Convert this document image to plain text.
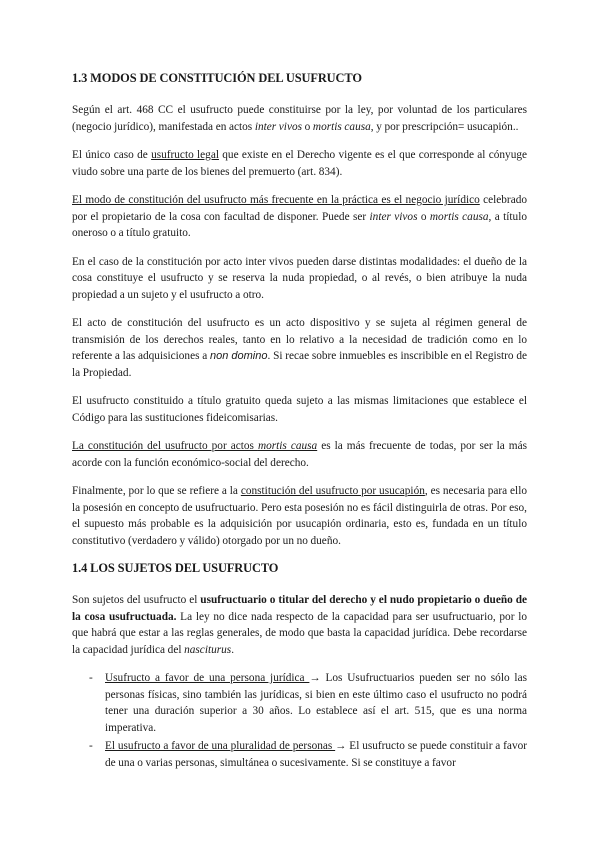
1.3 MODOS DE CONSTITUCIÓN DEL USUFRUCTO

Según el art. 468 CC el usufructo puede constituirse por la ley, por voluntad de los particulares (negocio jurídico), manifestada en actos inter vivos o mortis causa, y por prescripción= usucapión..

El único caso de usufructo legal que existe en el Derecho vigente es el que corresponde al cónyuge viudo sobre una parte de los bienes del premuerto (art. 834).

El modo de constitución del usufructo más frecuente en la práctica es el negocio jurídico celebrado por el propietario de la cosa con facultad de disponer. Puede ser inter vivos o mortis causa, a título oneroso o a título gratuito.

En el caso de la constitución por acto inter vivos pueden darse distintas modalidades: el dueño de la cosa constituye el usufructo y se reserva la nuda propiedad, o al revés, o bien atribuye la nuda propiedad a un sujeto y el usufructo a otro.

El acto de constitución del usufructo es un acto dispositivo y se sujeta al régimen general de transmisión de los derechos reales, tanto en lo relativo a la necesidad de tradición como en lo referente a las adquisiciones a non domino. Si recae sobre inmuebles es inscribible en el Registro de la Propiedad.

El usufructo constituido a título gratuito queda sujeto a las mismas limitaciones que establece el Código para las sustituciones fideicomisarias.

La constitución del usufructo por actos mortis causa es la más frecuente de todas, por ser la más acorde con la función económico-social del derecho.

Finalmente, por lo que se refiere a la constitución del usufructo por usucapión, es necesaria para ello la posesión en concepto de usufructuario. Pero esta posesión no es fácil distinguirla de otras. Por eso, el supuesto más probable es la adquisición por usucapión ordinaria, esto es, fundada en un título constitutivo (verdadero y válido) otorgado por un no dueño.

1.4 LOS SUJETOS DEL USUFRUCTO

Son sujetos del usufructo el usufructuario o titular del derecho y el nudo propietario o dueño de la cosa usufructuada. La ley no dice nada respecto de la capacidad para ser usufructuario, por lo que habrá que estar a las reglas generales, de modo que basta la capacidad jurídica. Debe recordarse la capacidad jurídica del nasciturus.

- Usufructo a favor de una persona jurídica → Los Usufructuarios pueden ser no sólo las personas físicas, sino también las jurídicas, si bien en este último caso el usufructo no podrá tener una duración superior a 30 años. Lo establece así el art. 515, que es una norma imperativa.
- El usufructo a favor de una pluralidad de personas → El usufructo se puede constituir a favor de una o varias personas, simultánea o sucesivamente. Si se constituye a favor
